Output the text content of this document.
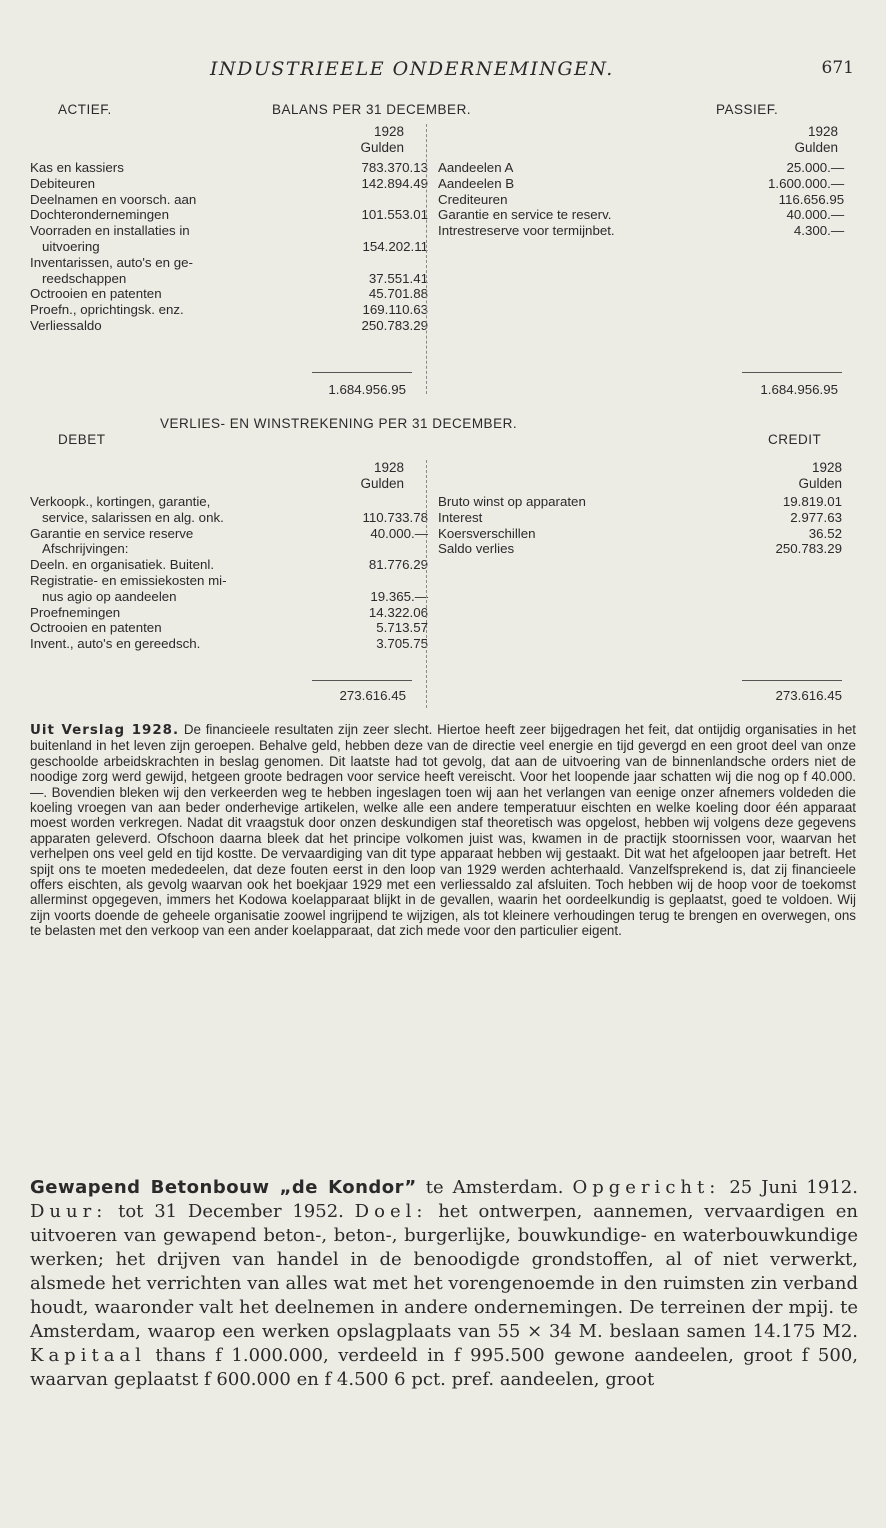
INDUSTRIEELE ONDERNEMINGEN.	671
ACTIEF.	BALANS PER 31 DECEMBER.	PASSIEF.
1928
Gulden
1928
Gulden
Kas en kassiers	783.370.13
Debiteuren	142.894.49
Deelnamen en voorsch. aan	
Dochterondernemingen	101.553.01
Voorraden en installaties in	
uitvoering	154.202.11
Inventarissen, auto's en ge-	
reedschappen	37.551.41
Octrooien en patenten	45.701.88
Proefn., oprichtingsk. enz.	169.110.63
Verliessaldo	250.783.29
Aandeelen A	25.000.—
Aandeelen B	1.600.000.—
Crediteuren	116.656.95
Garantie en service te reserv.	40.000.—
Intrestreserve voor termijnbet.	4.300.—
1.684.956.95	1.684.956.95
VERLIES- EN WINSTREKENING PER 31 DECEMBER.
DEBET	CREDIT
1928
Gulden
1928
Gulden
Verkoopk., kortingen, garantie,	
service, salarissen en alg. onk.	110.733.78
Garantie en service reserve	40.000.—
Afschrijvingen:	
Deeln. en organisatiek. Buitenl.	81.776.29
Registratie- en emissiekosten mi-	
nus agio op aandeelen	19.365.—
Proefnemingen	14.322.06
Octrooien en patenten	5.713.57
Invent., auto's en gereedsch.	3.705.75
Bruto winst op apparaten	19.819.01
Interest	2.977.63
Koersverschillen	36.52
Saldo verlies	250.783.29
273.616.45	273.616.45
Uit Verslag 1928. De financieele resultaten zijn zeer slecht. Hiertoe heeft zeer bijgedragen het feit, dat ontijdig organisaties in het buitenland in het leven zijn geroepen. Behalve geld, hebben deze van de directie veel energie en tijd gevergd en een groot deel van onze geschoolde arbeidskrachten in beslag genomen. Dit laatste had tot gevolg, dat aan de uitvoering van de binnenlandsche orders niet de noodige zorg werd gewijd, hetgeen groote bedragen voor service heeft vereischt. Voor het loopende jaar schatten wij die nog op f 40.000.—. Bovendien bleken wij den verkeerden weg te hebben ingeslagen toen wij aan het verlangen van eenige onzer afnemers voldeden die koeling vroegen van aan beder onderhevige artikelen, welke alle een andere temperatuur eischten en welke koeling door één apparaat moest worden verkregen. Nadat dit vraagstuk door onzen deskundigen staf theoretisch was opgelost, hebben wij volgens deze gegevens apparaten geleverd. Ofschoon daarna bleek dat het principe volkomen juist was, kwamen in de practijk stoornissen voor, waarvan het verhelpen ons veel geld en tijd kostte. De vervaardiging van dit type apparaat hebben wij gestaakt. Dit wat het afgeloopen jaar betreft. Het spijt ons te moeten mededeelen, dat deze fouten eerst in den loop van 1929 werden achterhaald. Vanzelfsprekend is, dat zij financieele offers eischten, als gevolg waarvan ook het boekjaar 1929 met een verliessaldo zal afsluiten. Toch hebben wij de hoop voor de toekomst allerminst opgegeven, immers het Kodowa koelapparaat blijkt in de gevallen, waarin het oordeelkundig is geplaatst, goed te voldoen. Wij zijn voorts doende de geheele organisatie zoowel ingrijpend te wijzigen, als tot kleinere verhoudingen terug te brengen en overwegen, ons te belasten met den verkoop van een ander koelapparaat, dat zich mede voor den particulier eigent.
Gewapend Betonbouw „de Kondor” te Amsterdam. Opgericht: 25 Juni 1912. Duur: tot 31 December 1952. Doel: het ontwerpen, aannemen, vervaardigen en uitvoeren van gewapend beton-, beton-, burgerlijke, bouwkundige- en waterbouwkundige werken; het drijven van handel in de benoodigde grondstoffen, al of niet verwerkt, alsmede het verrichten van alles wat met het vorengenoemde in den ruimsten zin verband houdt, waaronder valt het deelnemen in andere ondernemingen. De terreinen der mpij. te Amsterdam, waarop een werken opslagplaats van 55 × 34 M. beslaan samen 14.175 M2. Kapitaal thans f 1.000.000, verdeeld in f 995.500 gewone aandeelen, groot f 500, waarvan geplaatst f 600.000 en f 4.500 6 pct. pref. aandeelen, groot
